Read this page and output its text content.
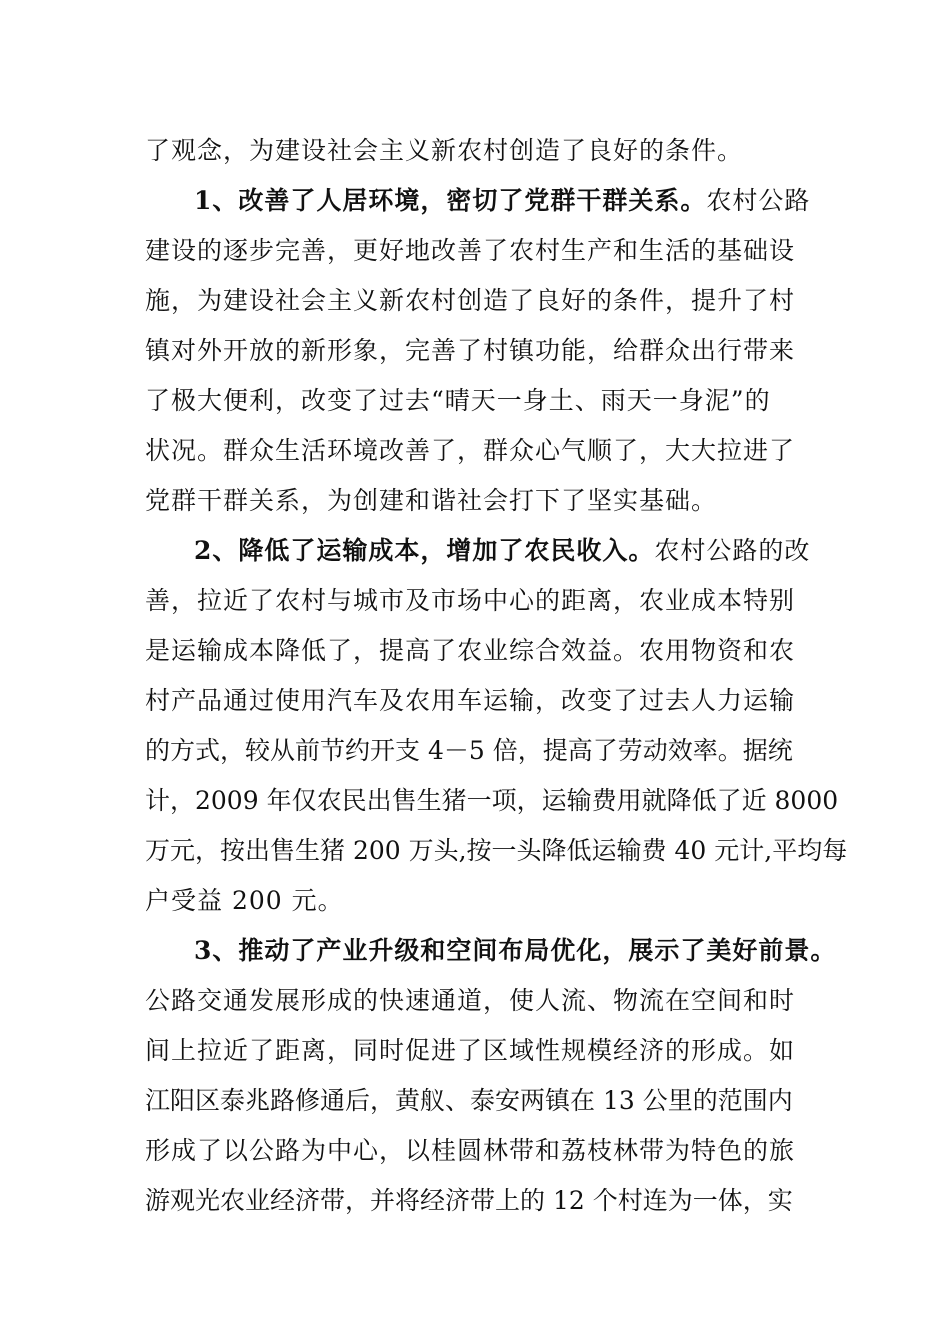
了观念，为建设社会主义新农村创造了良好的条件。
1、改善了人居环境，密切了党群干群关系。农村公路
建设的逐步完善，更好地改善了农村生产和生活的基础设
施，为建设社会主义新农村创造了良好的条件，提升了村
镇对外开放的新形象，完善了村镇功能，给群众出行带来
了极大便利，改变了过去“晴天一身土、雨天一身泥”的
状况。群众生活环境改善了，群众心气顺了，大大拉进了
党群干群关系，为创建和谐社会打下了坚实基础。
2、降低了运输成本，增加了农民收入。农村公路的改
善，拉近了农村与城市及市场中心的距离，农业成本特别
是运输成本降低了，提高了农业综合效益。农用物资和农
村产品通过使用汽车及农用车运输，改变了过去人力运输
的方式，较从前节约开支 4－5 倍，提高了劳动效率。据统
计，2009 年仅农民出售生猪一项，运输费用就降低了近 8000
万元，按出售生猪 200 万头,按一头降低运输费 40 元计,平均每
户受益 200 元。
3、推动了产业升级和空间布局优化，展示了美好前景。
公路交通发展形成的快速通道，使人流、物流在空间和时
间上拉近了距离，同时促进了区域性规模经济的形成。如
江阳区泰兆路修通后，黄舣、泰安两镇在 13 公里的范围内
形成了以公路为中心，以桂圆林带和荔枝林带为特色的旅
游观光农业经济带，并将经济带上的 12 个村连为一体，实
